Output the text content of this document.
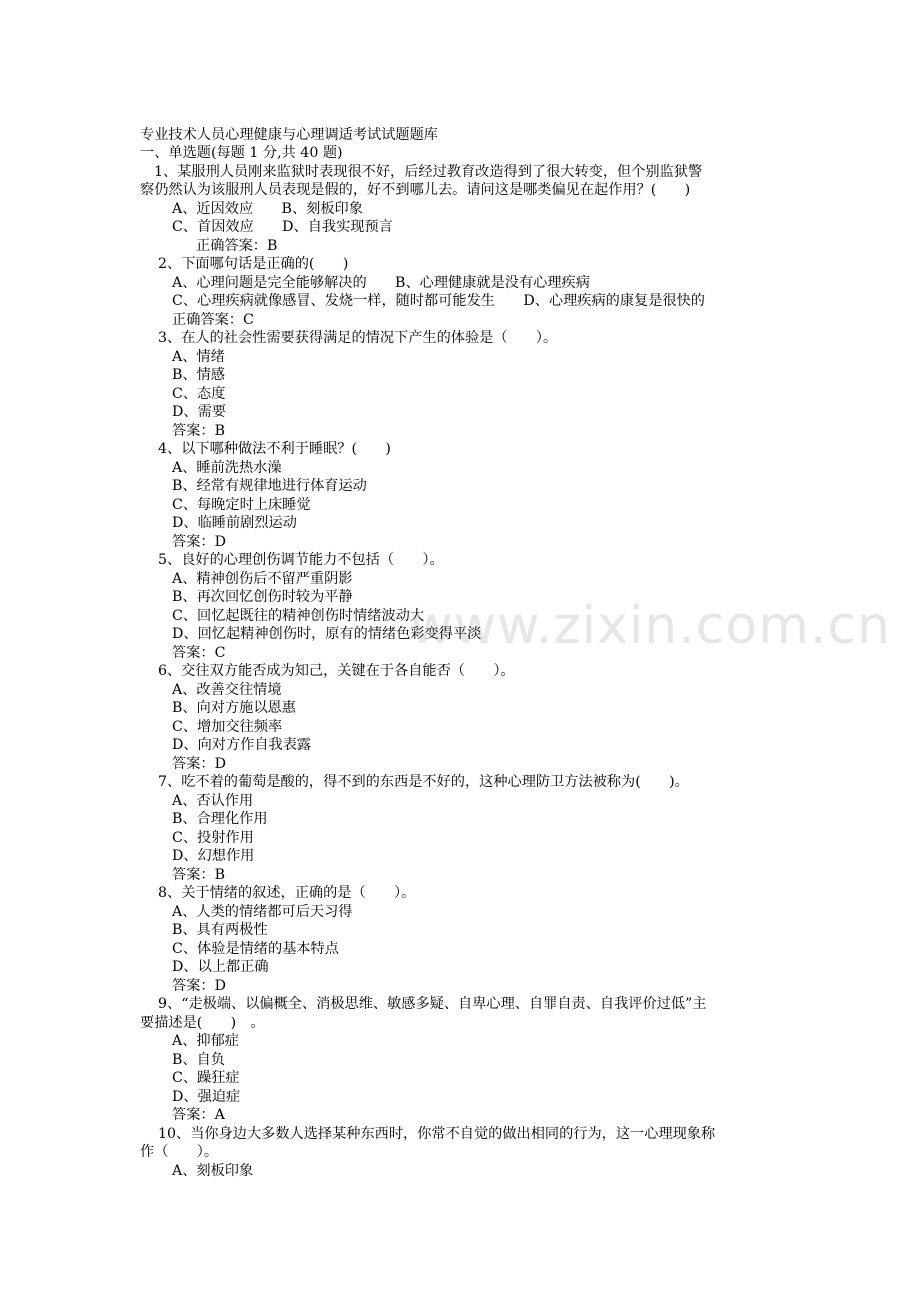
www.zixin.com.cn
专业技术人员心理健康与心理调适考试试题题库
一、单选题(每题 1 分,共 40 题)
1、某服刑人员刚来监狱时表现很不好，后经过教育改造得到了很大转变，但个别监狱警
察仍然认为该服刑人员表现是假的，好不到哪儿去。请问这是哪类偏见在起作用？(　　)
A、近因效应　　B、刻板印象
C、首因效应　　D、自我实现预言
正确答案：B
2、下面哪句话是正确的(　　)
A、心理问题是完全能够解决的　　B、心理健康就是没有心理疾病
C、心理疾病就像感冒、发烧一样，随时都可能发生　　D、心理疾病的康复是很快的
正确答案：C
3、在人的社会性需要获得满足的情况下产生的体验是（　　）。
A、情绪
B、情感
C、态度
D、需要
答案：B
4、以下哪种做法不利于睡眠？(　　)
A、睡前洗热水澡
B、经常有规律地进行体育运动
C、每晚定时上床睡觉
D、临睡前剧烈运动
答案：D
5、良好的心理创伤调节能力不包括（　　）。
A、精神创伤后不留严重阴影
B、再次回忆创伤时较为平静
C、回忆起既往的精神创伤时情绪波动大
D、回忆起精神创伤时，原有的情绪色彩变得平淡
答案：C
6、交往双方能否成为知己，关键在于各自能否（　　）。
A、改善交往情境
B、向对方施以恩惠
C、增加交往频率
D、向对方作自我表露
答案：D
7、吃不着的葡萄是酸的，得不到的东西是不好的，这种心理防卫方法被称为(　　)。
A、否认作用
B、合理化作用
C、投射作用
D、幻想作用
答案：B
8、关于情绪的叙述，正确的是（　　）。
A、人类的情绪都可后天习得
B、具有两极性
C、体验是情绪的基本特点
D、以上都正确
答案：D
9、“走极端、以偏概全、消极思维、敏感多疑、自卑心理、自罪自责、自我评价过低”主
要描述是(　　)　。
A、抑郁症
B、自负
C、躁狂症
D、强迫症
答案：A
10、当你身边大多数人选择某种东西时，你常不自觉的做出相同的行为，这一心理现象称
作（　　）。
A、刻板印象
